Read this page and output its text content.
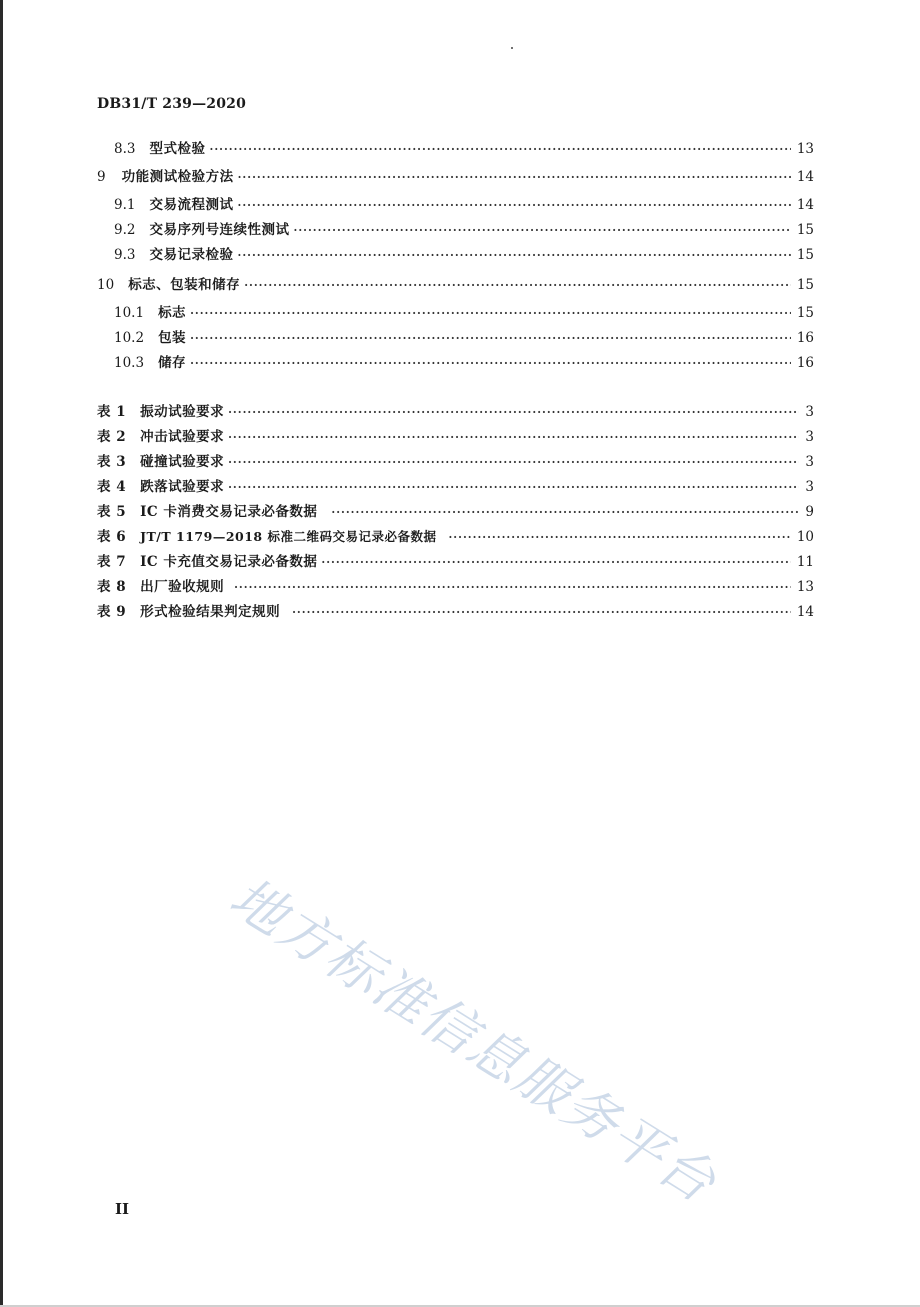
DB31/T 239—2020
8.3 型式检验 ·····	13
9 功能测试检验方法 ·····	14
9.1 交易流程测试 ·····	14
9.2 交易序列号连续性测试 ·····	15
9.3 交易记录检验 ·····	15
10 标志、包装和储存 ·····	15
10.1 标志 ·····	15
10.2 包装 ·····	16
10.3 储存 ·····	16
表 1 振动试验要求 ·····	3
表 2 冲击试验要求 ·····	3
表 3 碰撞试验要求 ·····	3
表 4 跌落试验要求 ·····	3
表 5 IC 卡消费交易记录必备数据 ·····	9
表 6 JT/T 1179—2018 标准二维码交易记录必备数据 ·····	10
表 7 IC 卡充值交易记录必备数据 ·····	11
表 8 出厂验收规则 ·····	13
表 9 形式检验结果判定规则 ·····	14
地方标准信息服务平台
II
